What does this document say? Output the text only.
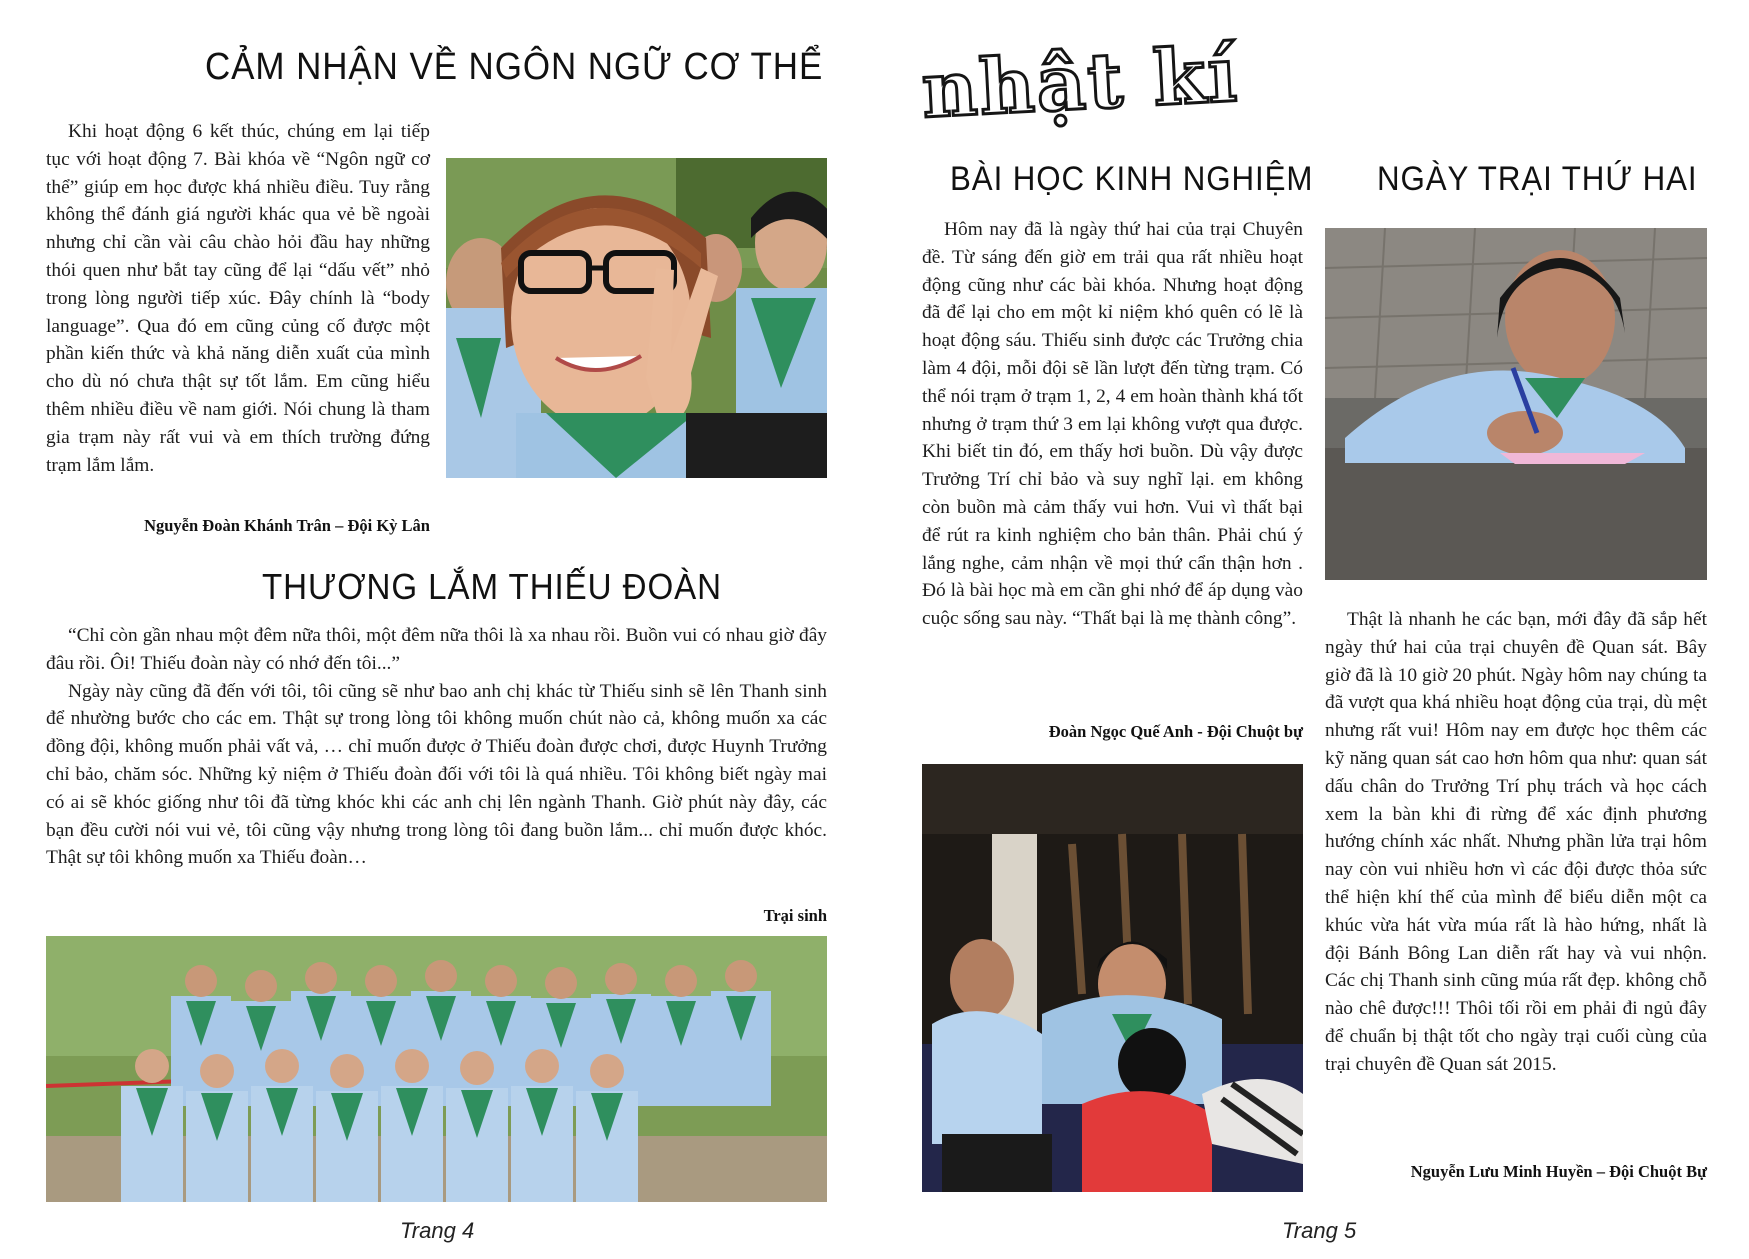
CẢM NHẬN VỀ NGÔN NGỮ CƠ THỂ

Khi hoạt động 6 kết thúc, chúng em lại tiếp tục với hoạt động 7. Bài khóa về “Ngôn ngữ cơ thể” giúp em học được khá nhiều điều. Tuy rằng không thể đánh giá người khác qua vẻ bề ngoài nhưng chỉ cần vài câu chào hỏi đầu hay những thói quen như bắt tay cũng để lại “dấu vết” nhỏ trong lòng người tiếp xúc. Đây chính là “body language”. Qua đó em cũng củng cố được một phần kiến thức và khả năng diễn xuất của mình cho dù nó chưa thật sự tốt lắm. Em cũng hiểu thêm nhiều điều về nam giới. Nói chung là tham gia trạm này rất vui và em thích trường đứng trạm lắm lắm.

Nguyễn Đoàn Khánh Trân – Đội Kỳ Lân
THƯƠNG LẮM THIẾU ĐOÀN

“Chỉ còn gần nhau một đêm nữa thôi, một đêm nữa thôi là xa nhau rồi. Buồn vui có nhau giờ đây đâu rồi. Ôi! Thiếu đoàn này có nhớ đến tôi...”

Ngày này cũng đã đến với tôi, tôi cũng sẽ như bao anh chị khác từ Thiếu sinh sẽ lên Thanh sinh để nhường bước cho các em. Thật sự trong lòng tôi không muốn chút nào cả, không muốn xa các đồng đội, không muốn phải vất vả, … chỉ muốn được ở Thiếu đoàn được chơi, được Huynh Trưởng chỉ bảo, chăm sóc. Những kỷ niệm ở Thiếu đoàn đối với tôi là quá nhiều. Tôi không biết ngày mai có ai sẽ khóc giống như tôi đã từng khóc khi các anh chị lên ngành Thanh. Giờ phút này đây, các bạn đều cười nói vui vẻ, tôi cũng vậy nhưng trong lòng tôi đang buồn lắm... chỉ muốn được khóc. Thật sự tôi không muốn xa Thiếu đoàn…

Trại sinh
Trang 4
nhật kí
BÀI HỌC KINH NGHIỆM NGÀY TRẠI THỨ HAI

Hôm nay đã là ngày thứ hai của trại Chuyên đề. Từ sáng đến giờ em trải qua rất nhiều hoạt động cũng như các bài khóa. Nhưng hoạt động đã để lại cho em một kỉ niệm khó quên có lẽ là hoạt động sáu. Thiếu sinh được các Trưởng chia làm 4 đội, mỗi đội sẽ lần lượt đến từng trạm. Có thể nói trạm ở trạm 1, 2, 4 em hoàn thành khá tốt nhưng ở trạm thứ 3 em lại không vượt qua được. Khi biết tin đó, em thấy hơi buồn. Dù vậy được Trưởng Trí chỉ bảo và suy nghĩ lại. em không còn buồn mà cảm thấy vui hơn. Vui vì thất bại để rút ra kinh nghiệm cho bản thân. Phải chú ý lắng nghe, cảm nhận về mọi thứ cẩn thận hơn . Đó là bài học mà em cần ghi nhớ để áp dụng vào cuộc sống sau này. “Thất bại là mẹ thành công”.

Đoàn Ngọc Quế Anh - Đội Chuột bự

Thật là nhanh he các bạn, mới đây đã sắp hết ngày thứ hai của trại chuyên đề Quan sát. Bây giờ đã là 10 giờ 20 phút. Ngày hôm nay chúng ta đã vượt qua khá nhiều hoạt động của trại, dù mệt nhưng rất vui! Hôm nay em được học thêm các kỹ năng quan sát cao hơn hôm qua như: quan sát dấu chân do Trưởng Trí phụ trách và học cách xem la bàn khi đi rừng để xác định phương hướng chính xác nhất. Nhưng phần lửa trại hôm nay còn vui nhiều hơn vì các đội được thỏa sức thể hiện khí thế của mình để biểu diễn một ca khúc vừa hát vừa múa rất là hào hứng, nhất là đội Bánh Bông Lan diễn rất hay và vui nhộn. Các chị Thanh sinh cũng múa rất đẹp. không chỗ nào chê được!!! Thôi tối rồi em phải đi ngủ đây để chuẩn bị thật tốt cho ngày trại cuối cùng của trại chuyên đề Quan sát 2015.

Nguyễn Lưu Minh Huyền – Đội Chuột Bự
Trang 5
